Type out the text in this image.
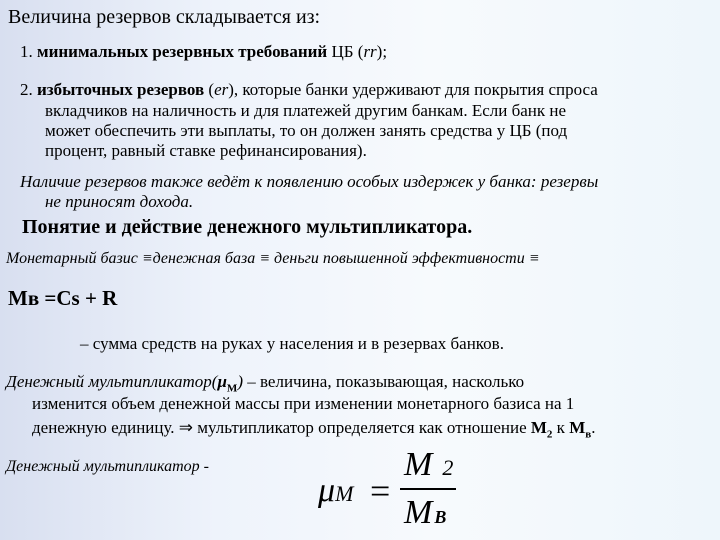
Величина резервов складывается из:
1. минимальных резервных требований ЦБ (rr);
2. избыточных резервов (er), которые банки удерживают для покрытия спроса
вкладчиков на наличность и для платежей другим банкам. Если банк не
может обеспечить эти выплаты, то он должен занять средства у ЦБ (под
процент, равный ставке рефинансирования).
Наличие резервов также ведёт к появлению особых издержек у банка: резервы
не приносят дохода.
Понятие и действие денежного мультипликатора.
Монетарный базис ≡денежная база ≡ деньги повышенной эффективности ≡
Мв =Cs + R
– сумма средств на руках у населения и в резервах банков.
Денежный $мультипликатор(\mu_M)$ – величина, показывающая, насколько
изменится объем денежной массы при изменении монетарного базиса на 1
денежную единицу. ⇒ мультипликатор определяется как отношение $М_2$ к $М_в$.
Денежный мультипликатор -
μM =
M 2
M B
